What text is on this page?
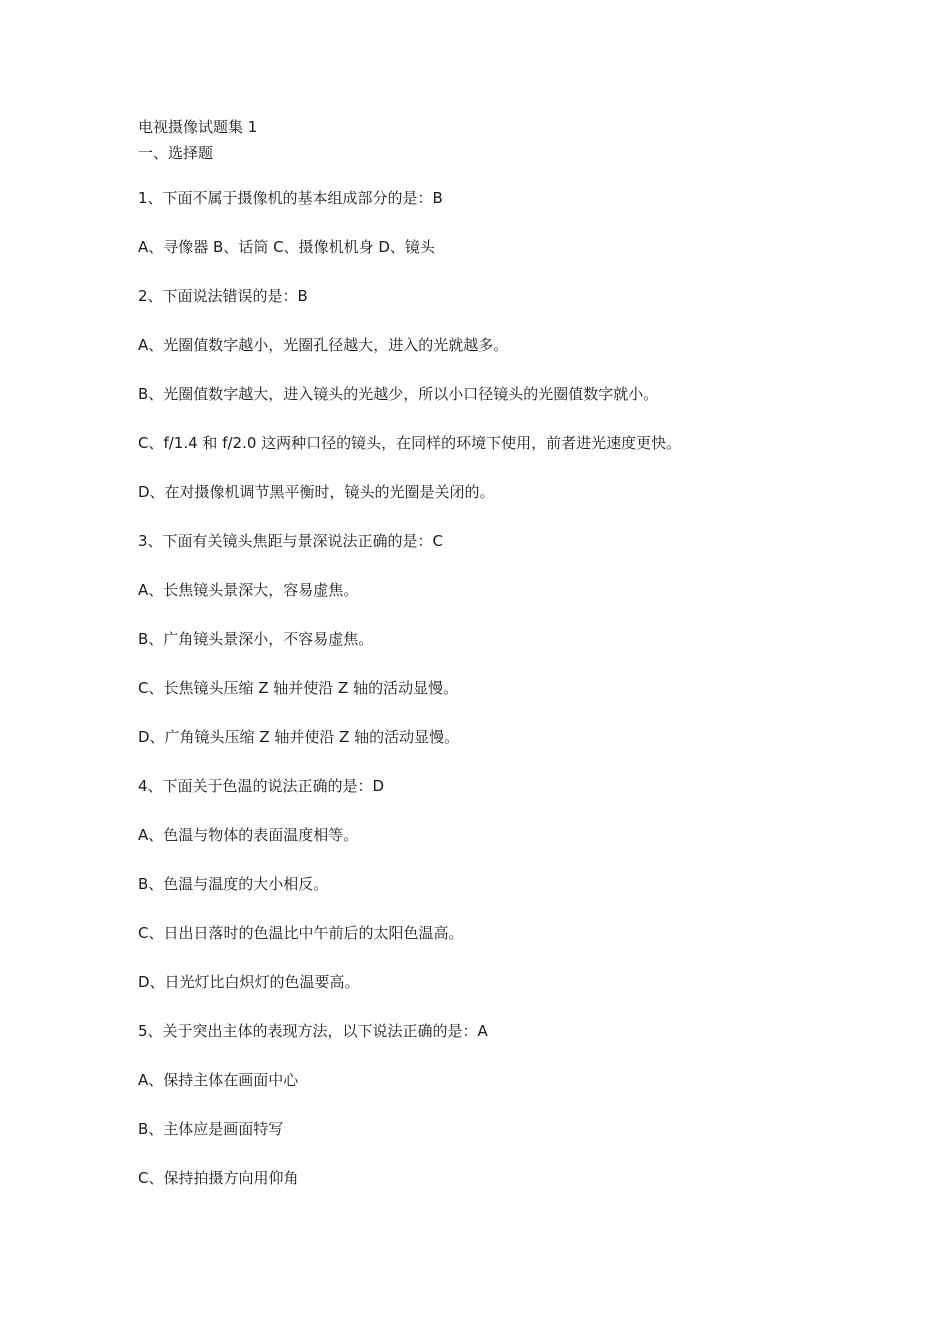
电视摄像试题集 1
一、选择题
1、下面不属于摄像机的基本组成部分的是：B
A、寻像器 B、话筒 C、摄像机机身 D、镜头
2、下面说法错误的是：B
A、光圈值数字越小，光圈孔径越大，进入的光就越多。
B、光圈值数字越大，进入镜头的光越少，所以小口径镜头的光圈值数字就小。
C、f/1.4 和 f/2.0 这两种口径的镜头，在同样的环境下使用，前者进光速度更快。
D、在对摄像机调节黑平衡时，镜头的光圈是关闭的。
3、下面有关镜头焦距与景深说法正确的是：C
A、长焦镜头景深大，容易虚焦。
B、广角镜头景深小，不容易虚焦。
C、长焦镜头压缩 Z 轴并使沿 Z 轴的活动显慢。
D、广角镜头压缩 Z 轴并使沿 Z 轴的活动显慢。
4、下面关于色温的说法正确的是：D
A、色温与物体的表面温度相等。
B、色温与温度的大小相反。
C、日出日落时的色温比中午前后的太阳色温高。
D、日光灯比白炽灯的色温要高。
5、关于突出主体的表现方法，以下说法正确的是：A
A、保持主体在画面中心
B、主体应是画面特写
C、保持拍摄方向用仰角
